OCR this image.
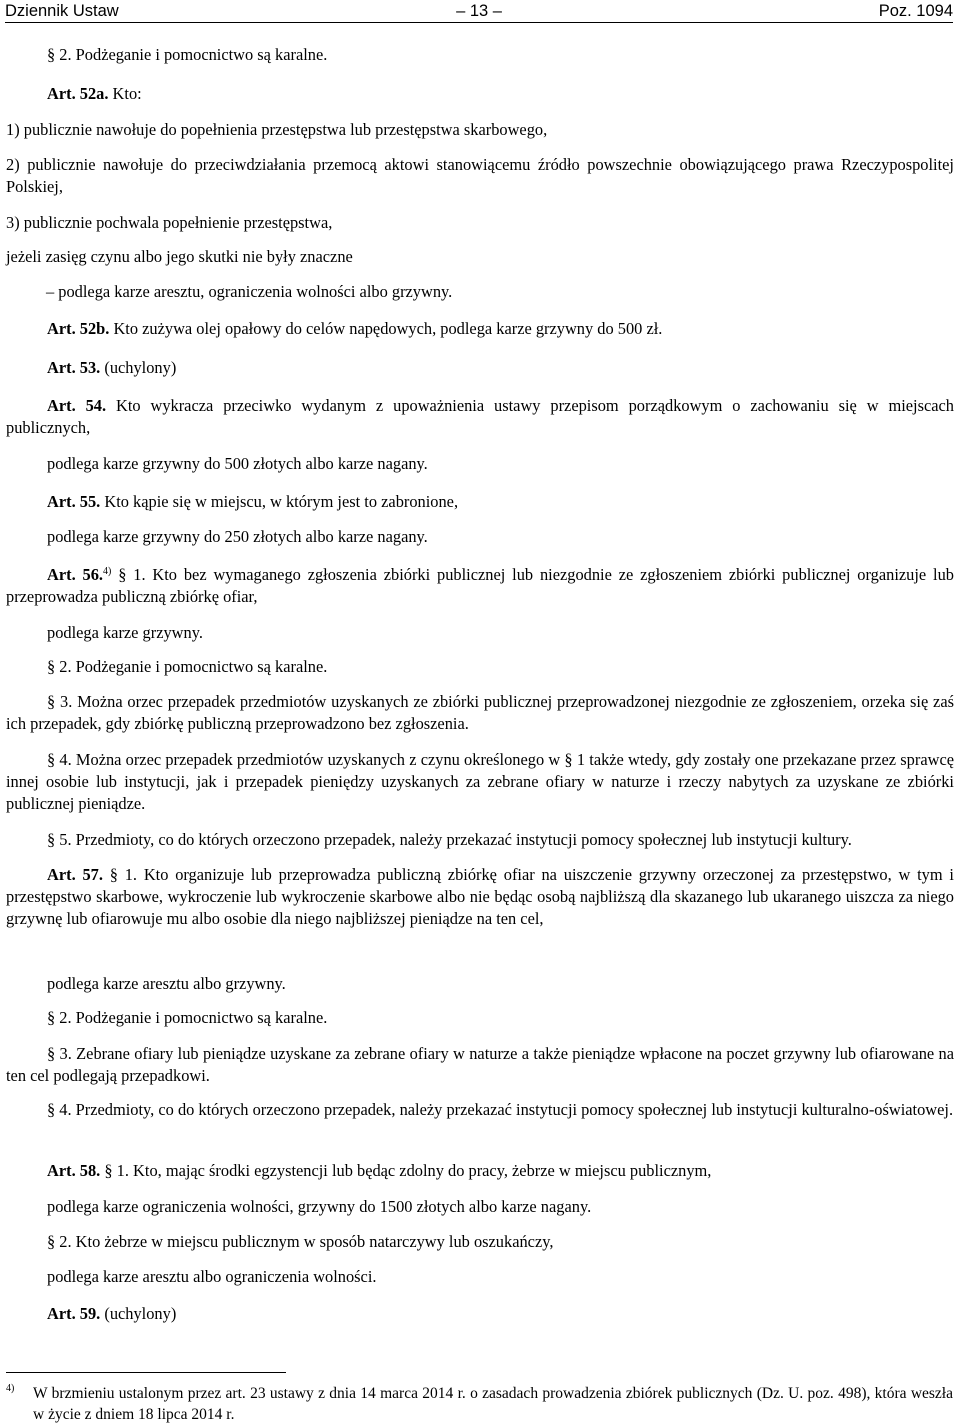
Dziennik Ustaw	– 13 –	Poz. 1094

§ 2. Podżeganie i pomocnictwo są karalne.

Art. 52a. Kto:

1) publicznie nawołuje do popełnienia przestępstwa lub przestępstwa skarbowego,

2) publicznie nawołuje do przeciwdziałania przemocą aktowi stanowiącemu źródło powszechnie obowiązującego prawa Rzeczypospolitej Polskiej,

3) publicznie pochwala popełnienie przestępstwa,

jeżeli zasięg czynu albo jego skutki nie były znaczne

– podlega karze aresztu, ograniczenia wolności albo grzywny.

Art. 52b. Kto zużywa olej opałowy do celów napędowych, podlega karze grzywny do 500 zł.

Art. 53. (uchylony)

Art. 54. Kto wykracza przeciwko wydanym z upoważnienia ustawy przepisom porządkowym o zachowaniu się w miejscach publicznych,

podlega karze grzywny do 500 złotych albo karze nagany.

Art. 55. Kto kąpie się w miejscu, w którym jest to zabronione,

podlega karze grzywny do 250 złotych albo karze nagany.

Art. 56.$^{4)}$ § 1. Kto bez wymaganego zgłoszenia zbiórki publicznej lub niezgodnie ze zgłoszeniem zbiórki publicznej organizuje lub przeprowadza publiczną zbiórkę ofiar,

podlega karze grzywny.

§ 2. Podżeganie i pomocnictwo są karalne.

§ 3. Można orzec przepadek przedmiotów uzyskanych ze zbiórki publicznej przeprowadzonej niezgodnie ze zgłoszeniem, orzeka się zaś ich przepadek, gdy zbiórkę publiczną przeprowadzono bez zgłoszenia.

§ 4. Można orzec przepadek przedmiotów uzyskanych z czynu określonego w § 1 także wtedy, gdy zostały one przekazane przez sprawcę innej osobie lub instytucji, jak i przepadek pieniędzy uzyskanych za zebrane ofiary w naturze i rzeczy nabytych za uzyskane ze zbiórki publicznej pieniądze.

§ 5. Przedmioty, co do których orzeczono przepadek, należy przekazać instytucji pomocy społecznej lub instytucji kultury.

Art. 57. § 1. Kto organizuje lub przeprowadza publiczną zbiórkę ofiar na uiszczenie grzywny orzeczonej za przestępstwo, w tym i przestępstwo skarbowe, wykroczenie lub wykroczenie skarbowe albo nie będąc osobą najbliższą dla skazanego lub ukaranego uiszcza za niego grzywnę lub ofiarowuje mu albo osobie dla niego najbliższej pieniądze na ten cel,

podlega karze aresztu albo grzywny.

§ 2. Podżeganie i pomocnictwo są karalne.

§ 3. Zebrane ofiary lub pieniądze uzyskane za zebrane ofiary w naturze a także pieniądze wpłacone na poczet grzywny lub ofiarowane na ten cel podlegają przepadkowi.

§ 4. Przedmioty, co do których orzeczono przepadek, należy przekazać instytucji pomocy społecznej lub instytucji kulturalno-oświatowej.

Art. 58. § 1. Kto, mając środki egzystencji lub będąc zdolny do pracy, żebrze w miejscu publicznym,

podlega karze ograniczenia wolności, grzywny do 1500 złotych albo karze nagany.

§ 2. Kto żebrze w miejscu publicznym w sposób natarczywy lub oszukańczy,

podlega karze aresztu albo ograniczenia wolności.

Art. 59. (uchylony)

4) W brzmieniu ustalonym przez art. 23 ustawy z dnia 14 marca 2014 r. o zasadach prowadzenia zbiórek publicznych (Dz. U. poz. 498), która weszła w życie z dniem 18 lipca 2014 r.
